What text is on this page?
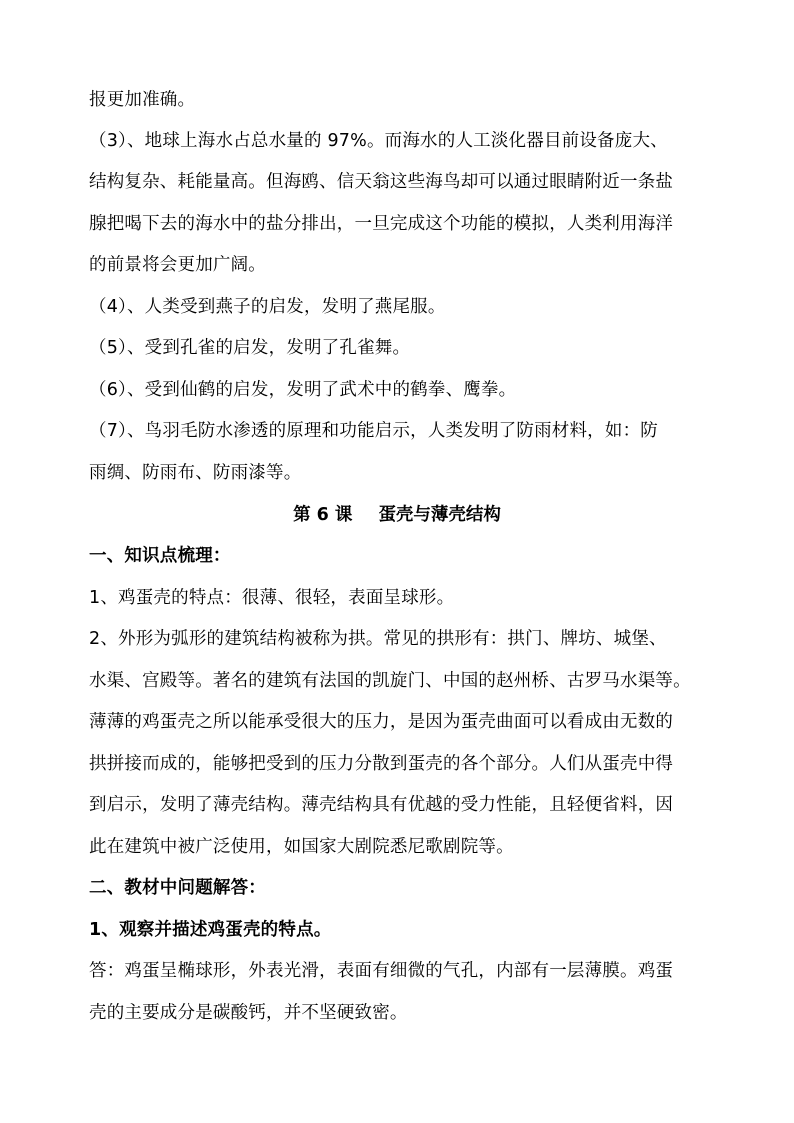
报更加准确。
（3）、地球上海水占总水量的 97%。而海水的人工淡化器目前设备庞大、
结构复杂、耗能量高。但海鸥、信天翁这些海鸟却可以通过眼睛附近一条盐
腺把喝下去的海水中的盐分排出，一旦完成这个功能的模拟，人类利用海洋
的前景将会更加广阔。
（4）、人类受到燕子的启发，发明了燕尾服。
（5）、受到孔雀的启发，发明了孔雀舞。
（6）、受到仙鹤的启发，发明了武术中的鹤拳、鹰拳。
（7）、鸟羽毛防水渗透的原理和功能启示，人类发明了防雨材料，如：防
雨绸、防雨布、防雨漆等。
第 6 课 蛋壳与薄壳结构
一、知识点梳理：
1、鸡蛋壳的特点：很薄、很轻，表面呈球形。
2、外形为弧形的建筑结构被称为拱。常见的拱形有：拱门、牌坊、城堡、
水渠、宫殿等。著名的建筑有法国的凯旋门、中国的赵州桥、古罗马水渠等。
薄薄的鸡蛋壳之所以能承受很大的压力，是因为蛋壳曲面可以看成由无数的
拱拼接而成的，能够把受到的压力分散到蛋壳的各个部分。人们从蛋壳中得
到启示，发明了薄壳结构。薄壳结构具有优越的受力性能，且轻便省料，因
此在建筑中被广泛使用，如国家大剧院悉尼歌剧院等。
二、教材中问题解答：
1、观察并描述鸡蛋壳的特点。
答：鸡蛋呈椭球形，外表光滑，表面有细微的气孔，内部有一层薄膜。鸡蛋
壳的主要成分是碳酸钙，并不坚硬致密。
